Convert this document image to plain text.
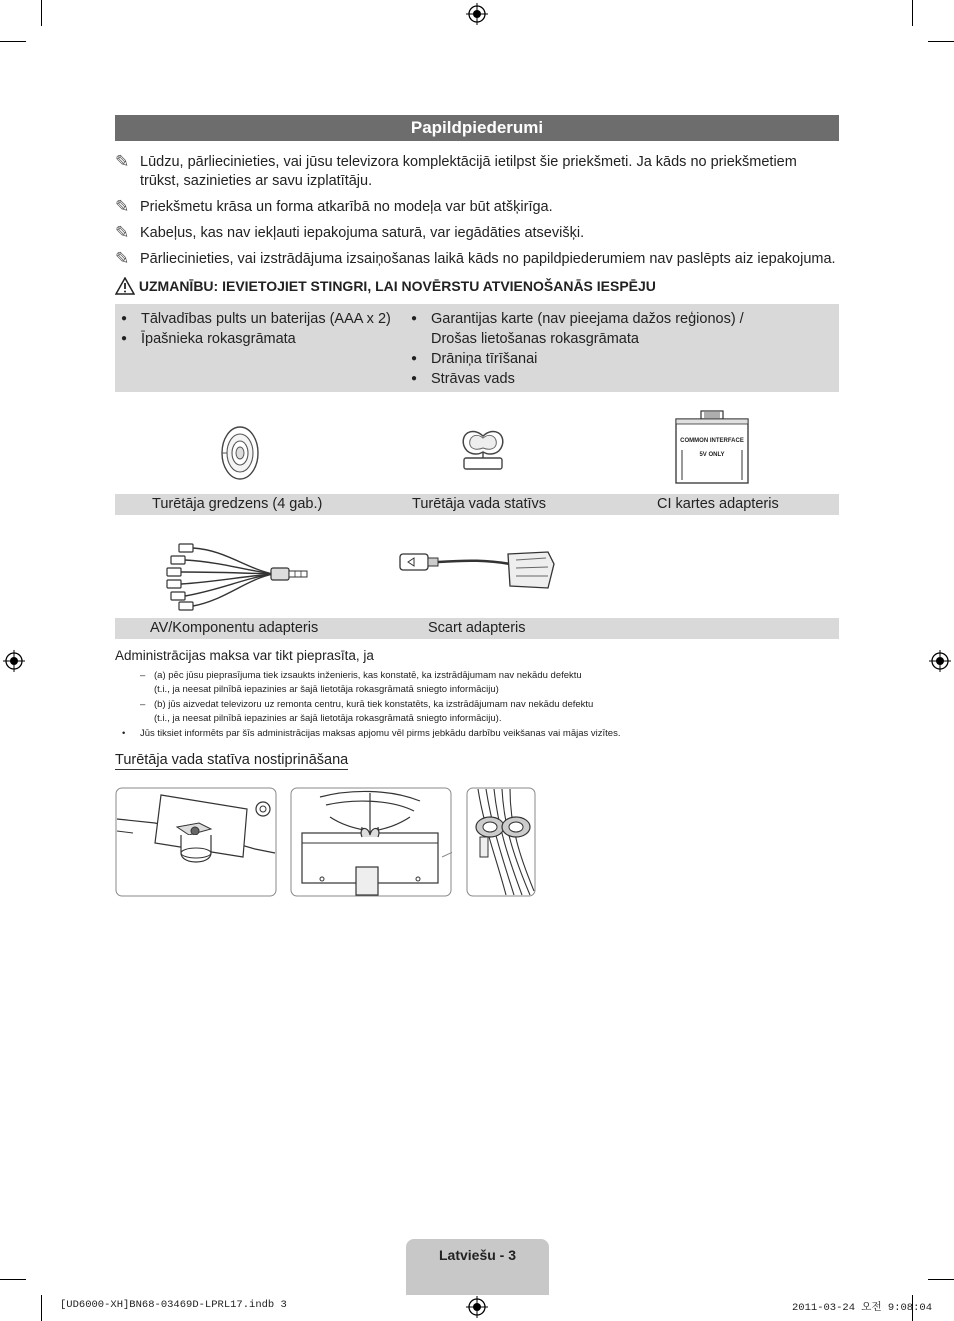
Papildpiederumi
✎ Lūdzu, pārliecinieties, vai jūsu televizora komplektācijā ietilpst šie priekšmeti. Ja kāds no priekšmetiem
trūkst, sazinieties ar savu izplatītāju.
✎ Priekšmetu krāsa un forma atkarībā no modeļa var būt atšķirīga.
✎ Kabeļus, kas nav iekļauti iepakojuma saturā, var iegādāties atsevišķi.
✎ Pārliecinieties, vai izstrādājuma izsaiņošanas laikā kāds no papildpiederumiem nav paslēpts aiz iepakojuma.
UZMANĪBU: IEVIETOJIET STINGRI, LAI NOVĒRSTU ATVIENOŠANĀS IESPĒJU
● Tālvadības pults un baterijas (AAA x 2)
● Īpašnieka rokasgrāmata
● Garantijas karte (nav pieejama dažos reģionos) /
Drošas lietošanas rokasgrāmata
● Drāniņa tīrīšanai
● Strāvas vads
COMMON INTERFACE
5V ONLY
Turētāja gredzens (4 gab.)	Turētāja vada statīvs	CI kartes adapteris
AV/Komponentu adapteris	Scart adapteris
Administrācijas maksa var tikt pieprasīta, ja
– (a) pēc jūsu pieprasījuma tiek izsaukts inženieris, kas konstatē, ka izstrādājumam nav nekādu defektu
(t.i., ja neesat pilnībā iepazinies ar šajā lietotāja rokasgrāmatā sniegto informāciju)
– (b) jūs aizvedat televizoru uz remonta centru, kurā tiek konstatēts, ka izstrādājumam nav nekādu defektu
(t.i., ja neesat pilnībā iepazinies ar šajā lietotāja rokasgrāmatā sniegto informāciju).
• Jūs tiksiet informēts par šīs administrācijas maksas apjomu vēl pirms jebkādu darbību veikšanas vai mājas vizītes.
Turētāja vada statīva nostiprināšana
Latviešu - 3
[UD6000-XH]BN68-03469D-LPRL17.indb 3	2011-03-24 오전 9:08:04
